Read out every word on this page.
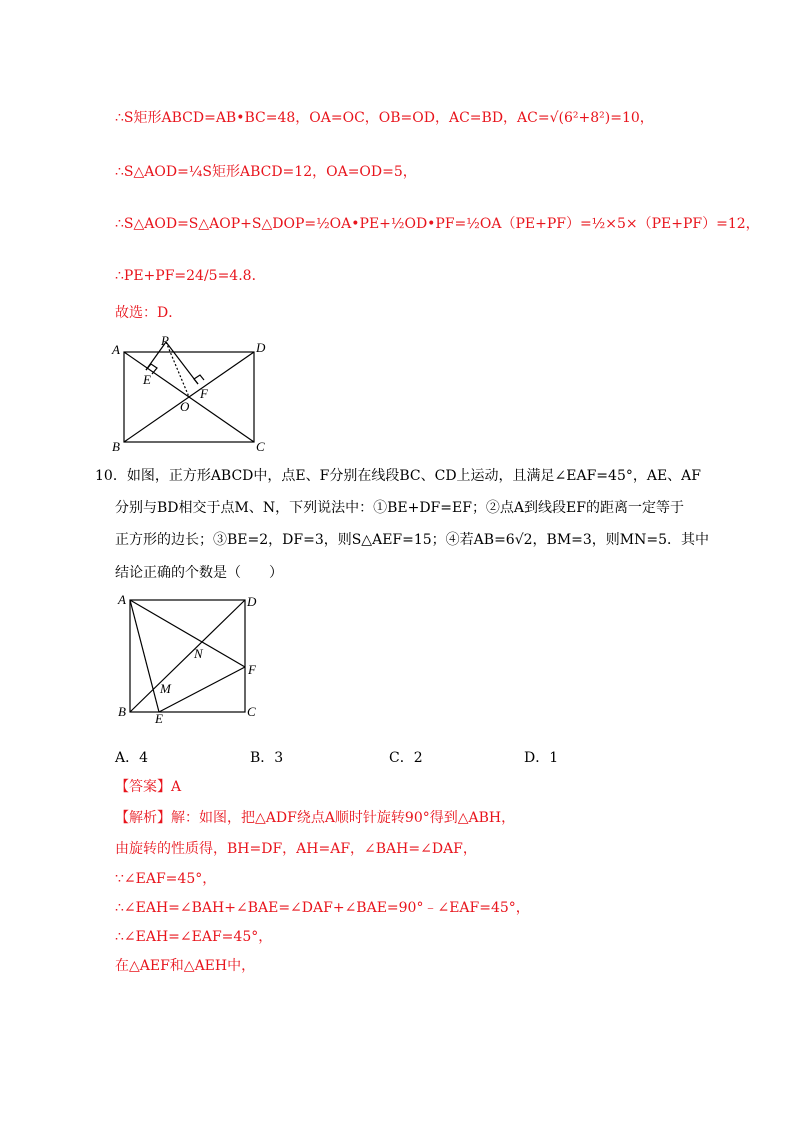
∴S矩形ABCD=AB•BC=48，OA=OC，OB=OD，AC=BD，AC=√(6²+8²)=10，
∴S△AOD=¼S矩形ABCD=12，OA=OD=5，
∴S△AOD=S△AOP+S△DOP=½OA•PE+½OD•PF=½OA（PE+PF）=½×5×（PE+PF）=12，
∴PE+PF=24/5=4.8．
故选：D．
A
P	D
E
F
O
B	C
10．如图，正方形ABCD中，点E、F分别在线段BC、CD上运动，且满足∠EAF=45°，AE、AF
分别与BD相交于点M、N，下列说法中：①BE+DF=EF；②点A到线段EF的距离一定等于
正方形的边长；③BE=2，DF=3，则S△AEF=15；④若AB=6√2，BM=3，则MN=5．其中
结论正确的个数是（　　）
A	D
N
F
M
B E	C
A．4	B．3	C．2	D．1
【答案】A
【解析】解：如图，把△ADF绕点A顺时针旋转90°得到△ABH，
由旋转的性质得，BH=DF，AH=AF，∠BAH=∠DAF，
∵∠EAF=45°，
∴∠EAH=∠BAH+∠BAE=∠DAF+∠BAE=90°﹣∠EAF=45°，
∴∠EAH=∠EAF=45°，
在△AEF和△AEH中，
